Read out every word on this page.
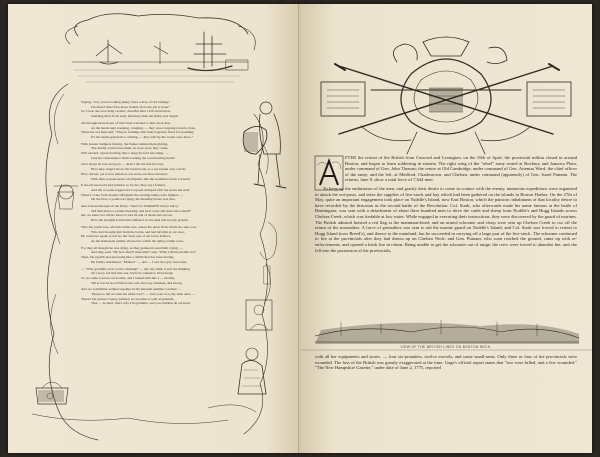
Saying, "Col, you're looking pinky; have a drop of old Jamaky;
I'm afeard there'll be more trouble afore the job is done;"
So I took one scorching swaller; dreadful faint I felt and hollow,
Standing there from early morning when the firing was begun.
All through those hours of trial I had watched a calm clock dial,
As the hands kept creeping, creeping, — they were creeping round to four,
When the old man said, "They're forming with their bagonets fixed for storming;
It's the death-grip that's a coming, — they will try the works once more."
With brazen trumpets blaring, the flames behind them glaring,
The deadly wall before them, in close array they come;
Still onward, upward toiling, like a dragon's fold uncoiling, —
Like the rattlesnake's shrill warning the reverberating drum!
Over heaps all torn and gory — shall I tell the fearful story,
How they surged above the breastwork, as a sea breaks over a deck;
How, driven, yet scarce defeated, our worn-out men retreated,
With their powder-horns all emptied, like the swimmers from a wreck?
It has all been told and painted; as for me, they say I fainted,
And the wooden-legged old Corporal stumped with me down the stair:
When I woke from dreams affrighted the evening lamps were lighted, —
On the floor a youth was lying; his bleeding breast was bare.
And I heard through all the flurry, "Send for WARREN! hurry! hurry!
Tell him here's a soldier bleeding, and he'll come and dress his wound!"
Ah, we knew not till the morrow told its tale of death and sorrow,
How the starlight found him stiffened on the dark and bloody ground.
Who the youth was, what his name was, where the place from which he came was,
Who had brought him from the battle, and had left him at our door,
He could not speak to tell us; but 'twas one of our brave fellows,
As the homespun plainly showed us which the dying soldier wore.
For they all thought he was dying, as they gathered round him crying, —
And they said, "Oh how they'll miss him!" and, "What will his mother do?"
Then, his eyelids just unclosing like a child's that has been dozing,
He faintly murmured, "Mother!" — and — I saw his eyes were blue.
— "Why grandma, how you're winking!" — Ah, my child, it sets me thinking
Of a story not like this one. Well, he somehow lived along;
So we came to know each other, and I nursed him like a — mother,
Till at last he stood before me, tall, and rosy-cheeked, and strong.
And we sometimes walked together in the pleasant summer weather; —
"Please to tell us what his name was?" — Just your own, my little dear, —
There's his picture Copley painted: we became so well acquainted,
That — in short, that's why I'm grandma, and you children all are here!

FTER the retreat of the British from Concord and Lexington, on the 19th of April, the provincial militia closed in around Boston, and began to learn soldiering in earnest. The right wing of the "rebel" army rested at Roxbury and Jamaica Plain, under command of Gen. John Thomas; the centre at Old Cambridge, under command of Gen. Artemas Ward, the chief officer of the army; and the left, at Medford, Charlestown, and Chelsea, under command (apparently) of Gen. Israel Putnam. The returns, June 9, show a total force of 7,644 men.

To keep up the enthusiasm of the men, and gratify their desire to come in contact with the enemy, numerous expeditions were organized to attack the out-posts, and seize the supplies of live-stock and hay which had been gathered on the islands in Boston Harbor. On the 27th of May, quite an important engagement took place on Noddle's Island, now East Boston, which the patriotic inhabitants of that locality desire to have recorded by the historian as the second battle of the Revolution. Col. Stark, who afterwards made his name famous at the battle of Bennington, was sent with a detachment of about three hundred men to drive the cattle and sheep from Noddle's and Hogg Islands across Chelsea Creek, which was fordable at low water. While engaged in executing their instructions, they were discovered by the guard of marines. The British admiral hoisted a red flag at the mainmast-head; and an armed schooner and sloop were sent up Chelsea Creek to cut off the return of the marauders. A force of grenadiers was sent to aid the marine guard on Noddle's Island; and Col. Stark was forced to retreat to Hogg Island (now Breed's), and thence to the mainland; but he succeeded in carrying off a large part of the live-stock. The schooner continued to fire at the provincials after they had drawn up on Chelsea Neck; and Gen. Putnam, who soon reached the ground, came up with re-enforcements, and opened a brisk fire in return. Being unable to get the schooner out of range, the crew were forced to abandon her, and she fell into the possession of the provincials,

VIEW OF THE BRITISH LINES ON BOSTON NECK.

with all her equipments and stores. — four six-pounders, twelve swivels, and some small-arms. Only three or four of the provincials were wounded. The loss of the British was greatly exaggerated at the time. Gage's official report states that "two were killed, and a few wounded." "The New Hampshire Gazette," under date of June 2, 1775, reported
